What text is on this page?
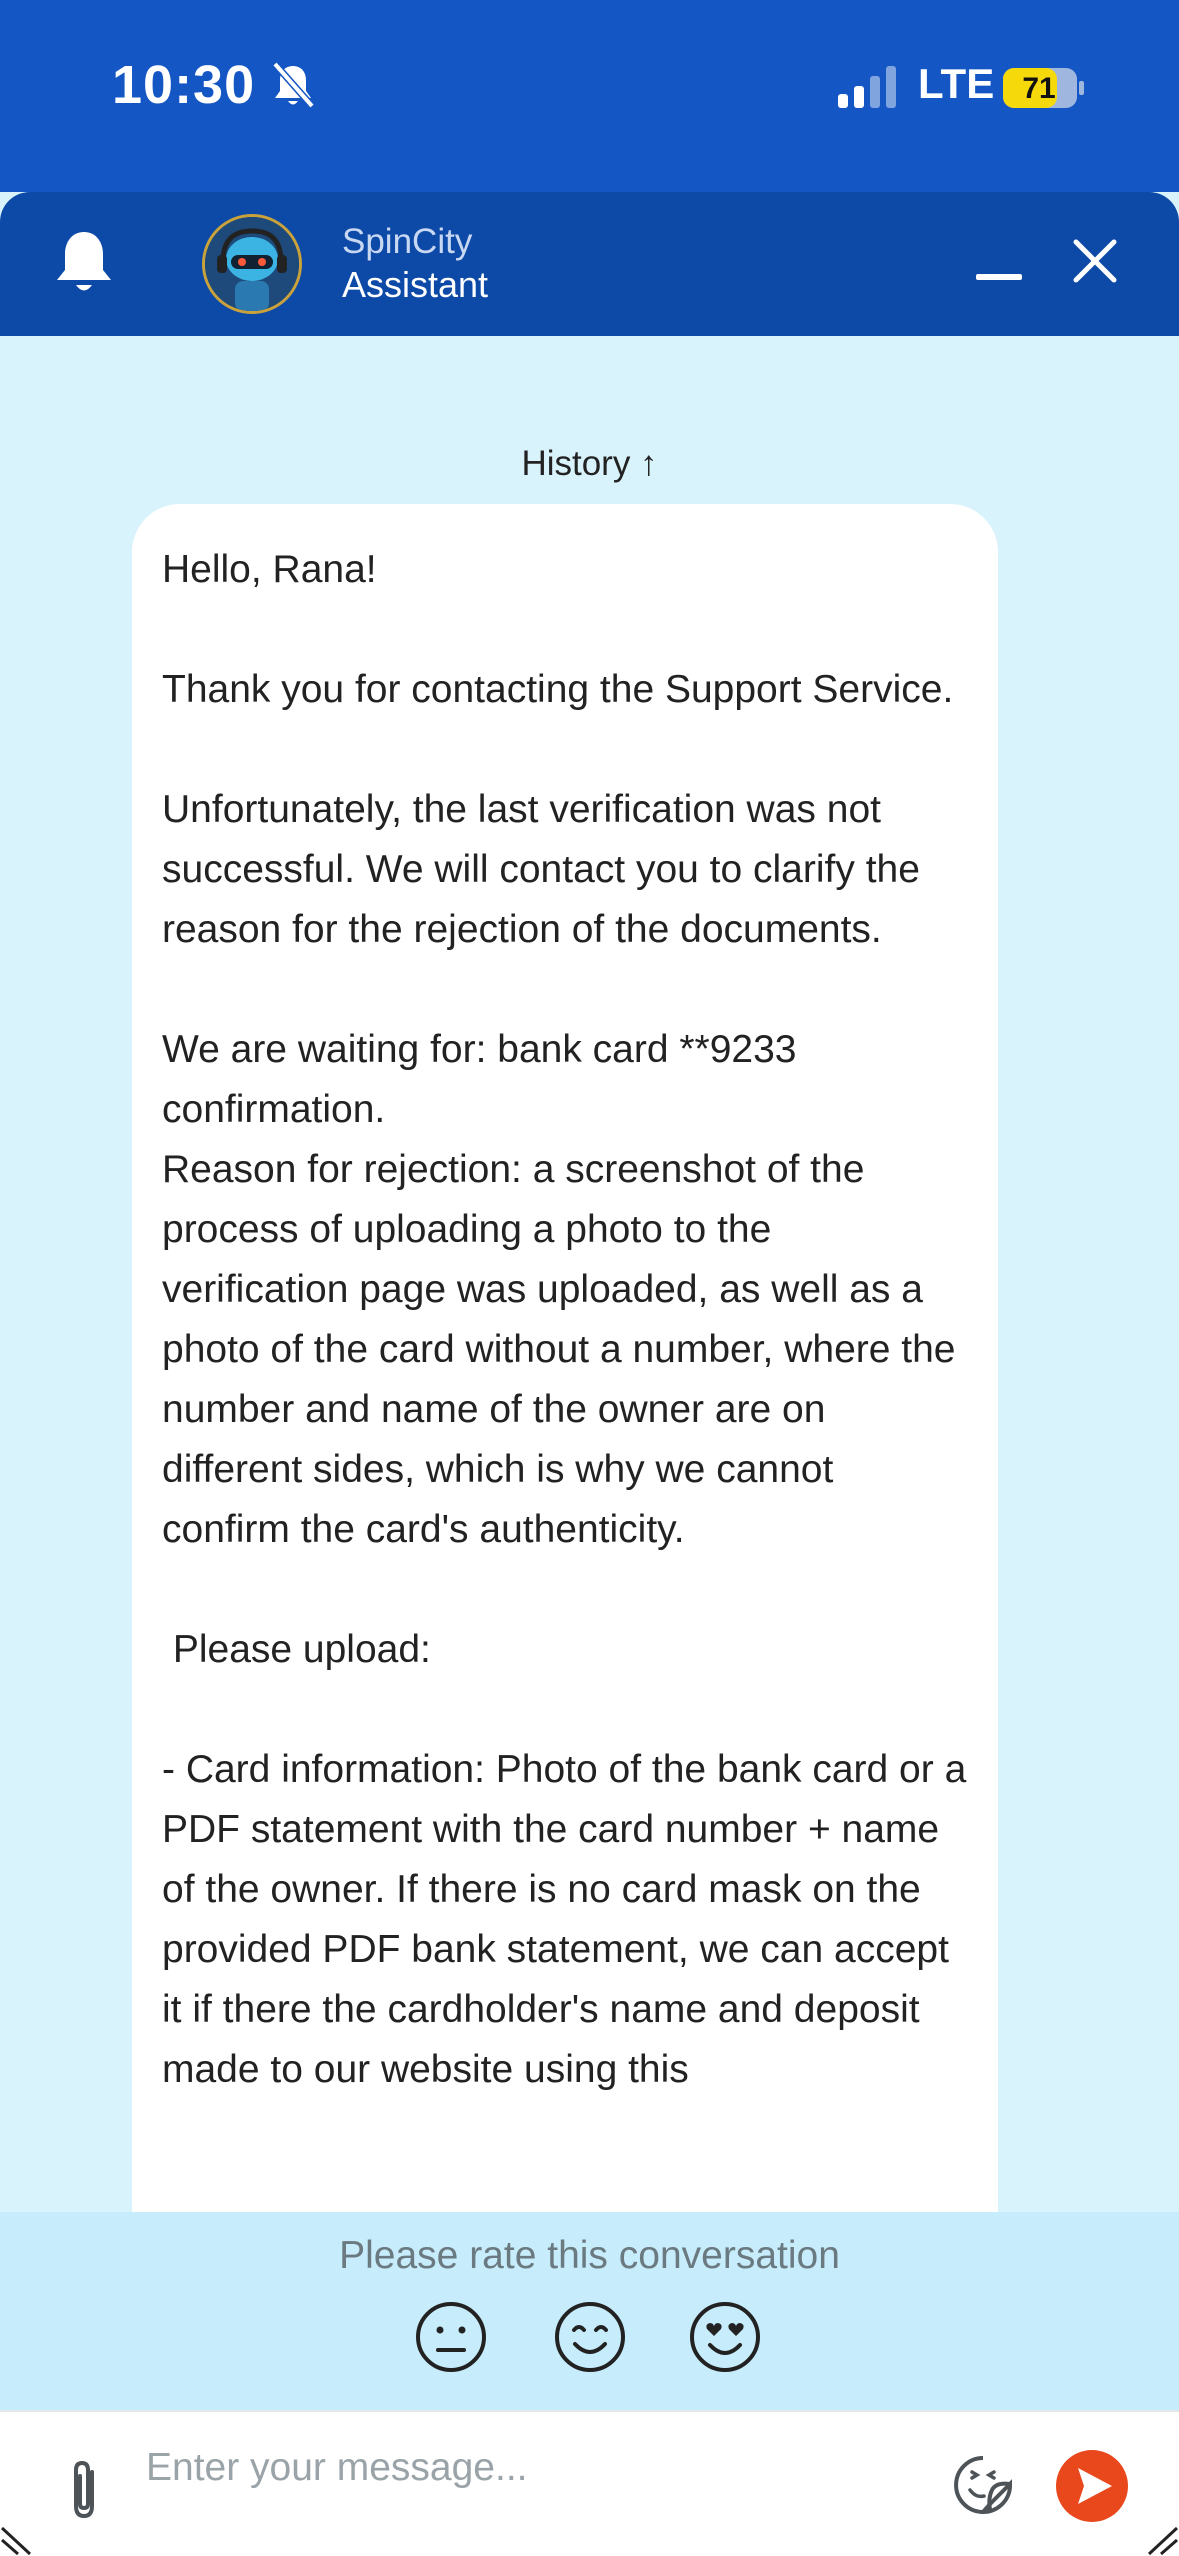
10:30	LTE 71
SpinCity
Assistant
History ↑

Hello, Rana!

Thank you for contacting the Support Service.

Unfortunately, the last verification was not successful. We will contact you to clarify the reason for the rejection of the documents.

We are waiting for: bank card **9233 confirmation.

Reason for rejection: a screenshot of the process of uploading a photo to the verification page was uploaded, as well as a photo of the card without a number, where the number and name of the owner are on different sides, which is why we cannot confirm the card's authenticity.

Please upload:

- Card information: Photo of the bank card or a PDF statement with the card number + name of the owner. If there is no card mask on the provided PDF bank statement, we can accept it if there the cardholder's name and deposit made to our website using this

Please rate this conversation
Enter your message...
